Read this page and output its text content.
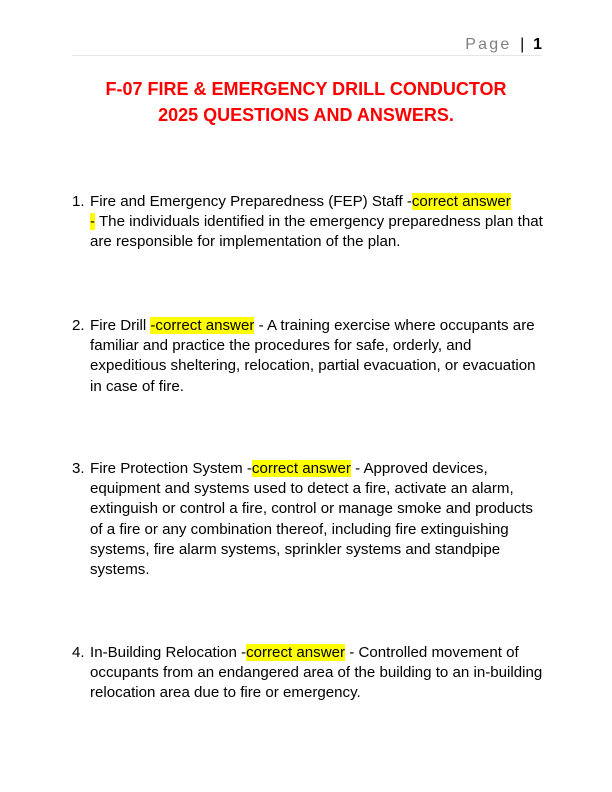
Page | 1
F-07 FIRE & EMERGENCY DRILL CONDUCTOR
2025 QUESTIONS AND ANSWERS.
1. Fire and Emergency Preparedness (FEP) Staff -correct answer
- The individuals identified in the emergency preparedness plan that are responsible for implementation of the plan.
2. Fire Drill -correct answer - A training exercise where occupants are familiar and practice the procedures for safe, orderly, and expeditious sheltering, relocation, partial evacuation, or evacuation in case of fire.
3. Fire Protection System -correct answer - Approved devices, equipment and systems used to detect a fire, activate an alarm, extinguish or control a fire, control or manage smoke and products of a fire or any combination thereof, including fire extinguishing systems, fire alarm systems, sprinkler systems and standpipe systems.
4. In-Building Relocation -correct answer - Controlled movement of occupants from an endangered area of the building to an in-building relocation area due to fire or emergency.
